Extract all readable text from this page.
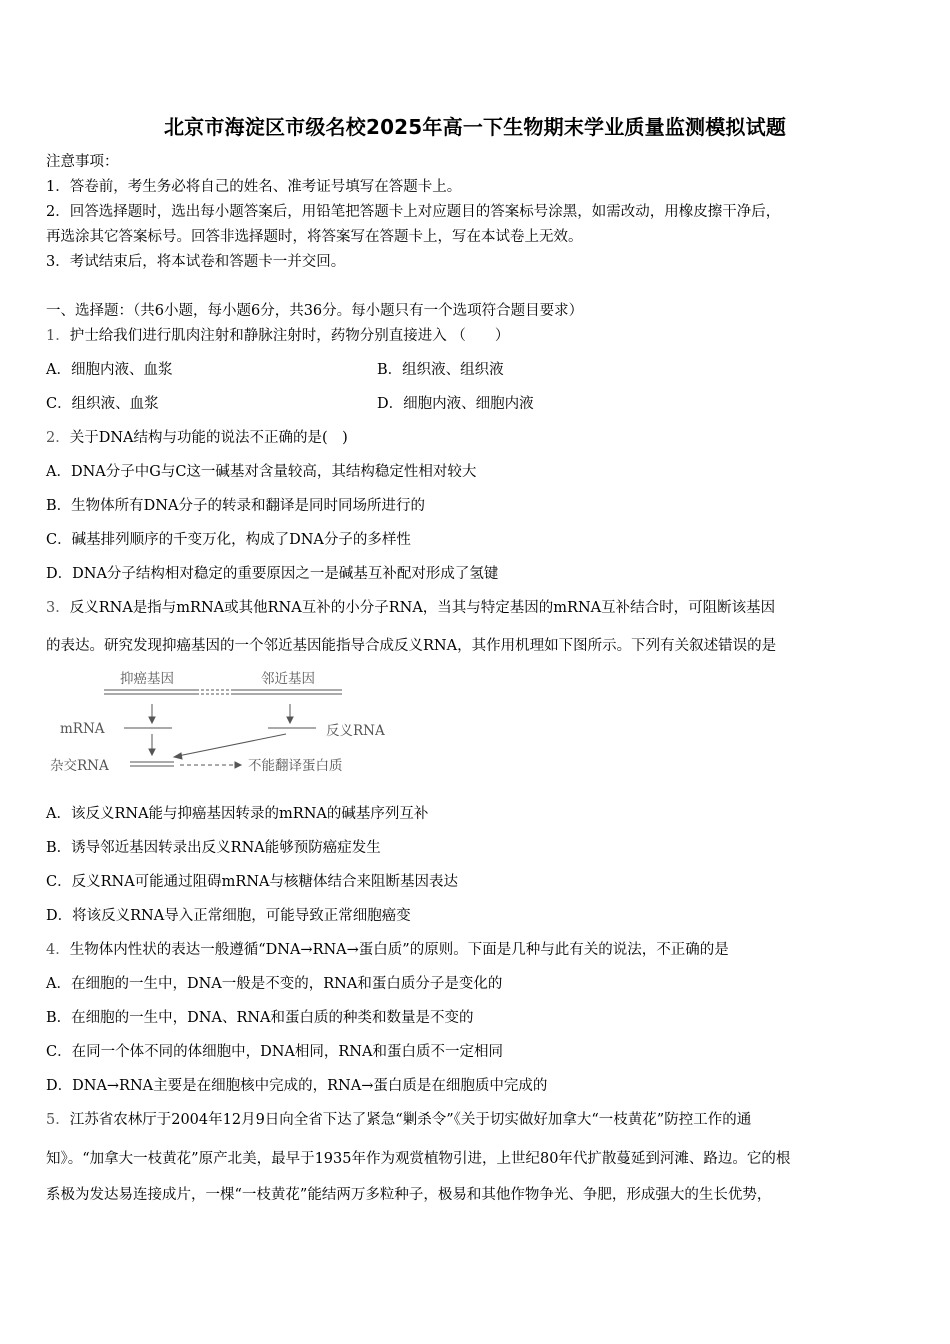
北京市海淀区市级名校2025年高一下生物期末学业质量监测模拟试题
注意事项：
1．答卷前，考生务必将自己的姓名、准考证号填写在答题卡上。
2．回答选择题时，选出每小题答案后，用铅笔把答题卡上对应题目的答案标号涂黑，如需改动，用橡皮擦干净后，
再选涂其它答案标号。回答非选择题时，将答案写在答题卡上，写在本试卷上无效。
3．考试结束后，将本试卷和答题卡一并交回。
一、选择题：（共6小题，每小题6分，共36分。每小题只有一个选项符合题目要求）
1．护士给我们进行肌肉注射和静脉注射时，药物分别直接进入 （　　）
A．细胞内液、血浆	B．组织液、组织液
C．组织液、血浆	D．细胞内液、细胞内液
2．关于DNA结构与功能的说法不正确的是(　)
A．DNA分子中G与C这一碱基对含量较高，其结构稳定性相对较大
B．生物体所有DNA分子的转录和翻译是同时同场所进行的
C．碱基排列顺序的千变万化，构成了DNA分子的多样性
D．DNA分子结构相对稳定的重要原因之一是碱基互补配对形成了氢键
3．反义RNA是指与mRNA或其他RNA互补的小分子RNA，当其与特定基因的mRNA互补结合时，可阻断该基因
的表达。研究发现抑癌基因的一个邻近基因能指导合成反义RNA，其作用机理如下图所示。下列有关叙述错误的是
抑癌基因	邻近基因
mRNA	反义RNA
杂交RNA	不能翻译蛋白质
A．该反义RNA能与抑癌基因转录的mRNA的碱基序列互补
B．诱导邻近基因转录出反义RNA能够预防癌症发生
C．反义RNA可能通过阻碍mRNA与核糖体结合来阻断基因表达
D．将该反义RNA导入正常细胞，可能导致正常细胞癌变
4．生物体内性状的表达一般遵循“DNA→RNA→蛋白质”的原则。下面是几种与此有关的说法，不正确的是
A．在细胞的一生中，DNA一般是不变的，RNA和蛋白质分子是变化的
B．在细胞的一生中，DNA、RNA和蛋白质的种类和数量是不变的
C．在同一个体不同的体细胞中，DNA相同，RNA和蛋白质不一定相同
D．DNA→RNA主要是在细胞核中完成的，RNA→蛋白质是在细胞质中完成的
5．江苏省农林厅于2004年12月9日向全省下达了紧急“剿杀令”《关于切实做好加拿大“一枝黄花”防控工作的通
知》。“加拿大一枝黄花”原产北美，最早于1935年作为观赏植物引进，上世纪80年代扩散蔓延到河滩、路边。它的根
系极为发达易连接成片，一棵“一枝黄花”能结两万多粒种子，极易和其他作物争光、争肥，形成强大的生长优势，
